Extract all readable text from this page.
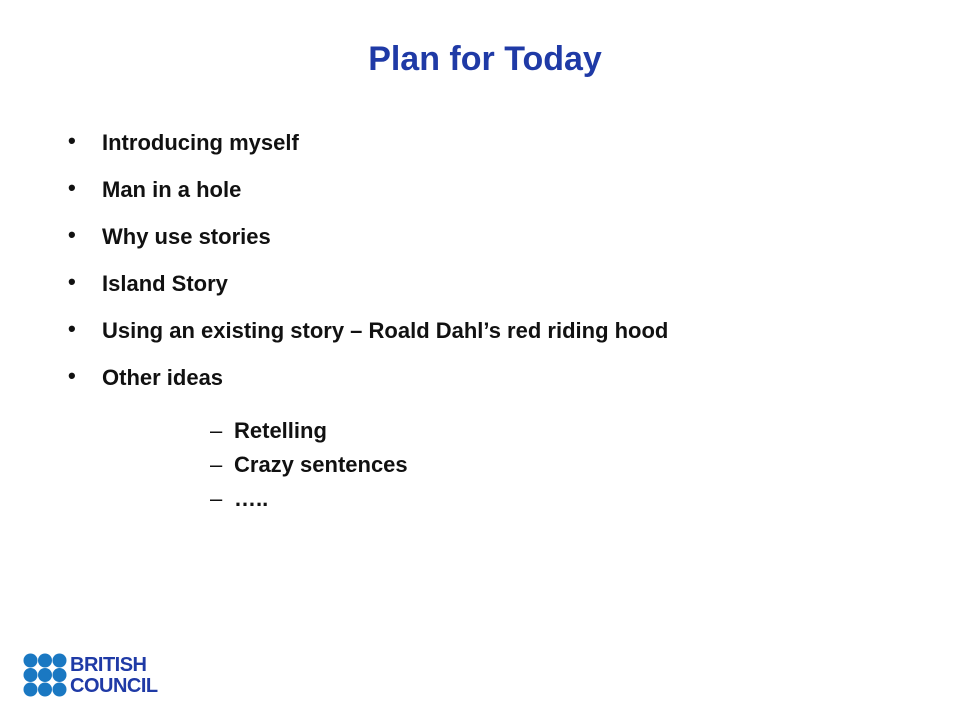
Plan for Today
• Introducing myself
• Man in a hole
• Why use stories
• Island Story
• Using an existing story – Roald Dahl’s red riding hood
• Other ideas
– Retelling
– Crazy sentences
– …..
BRITISH
COUNCIL
